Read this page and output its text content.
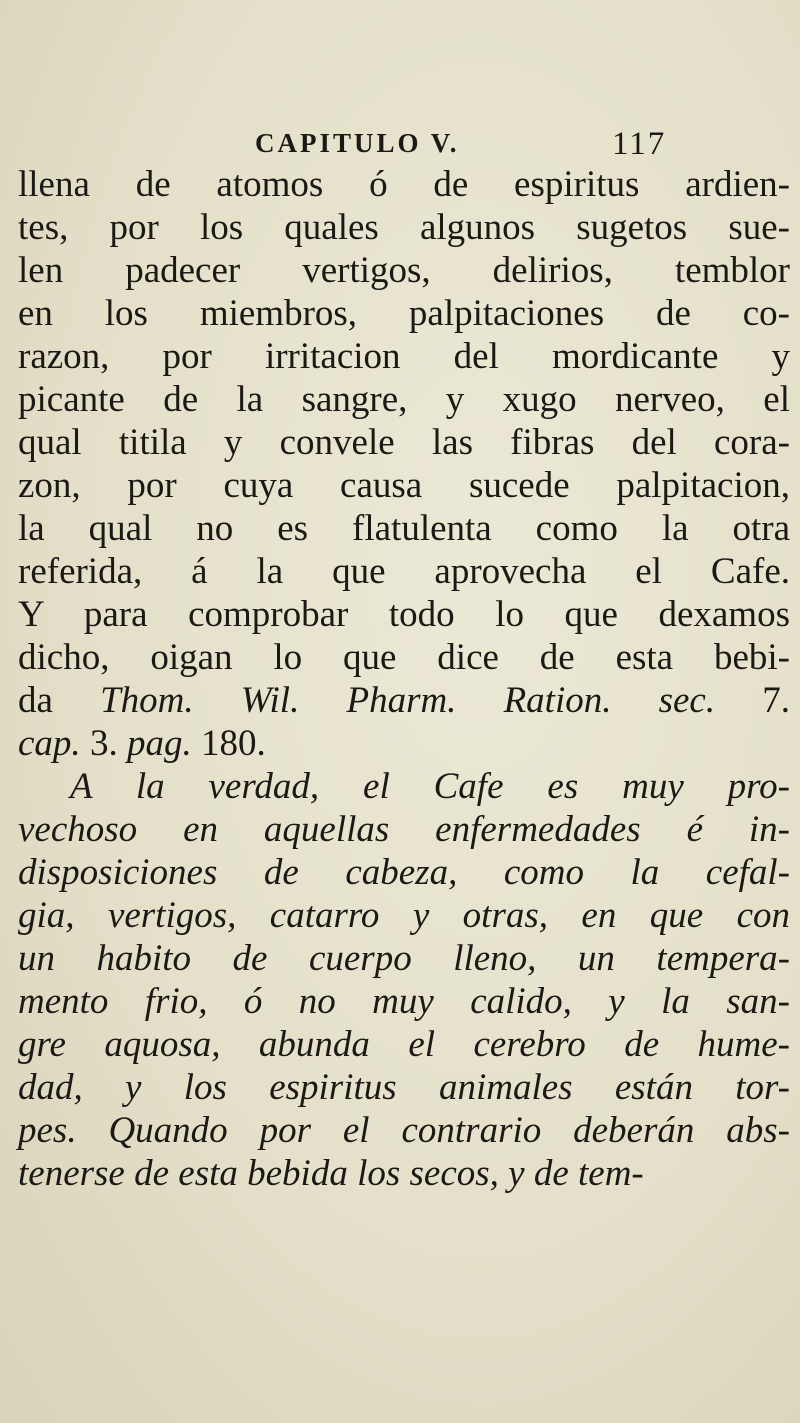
CAPITULO V.	117
llena de atomos ó de espiritus ardien-
tes, por los quales algunos sugetos sue-
len padecer vertigos, delirios, temblor
en los miembros, palpitaciones de co-
razon, por irritacion del mordicante y
picante de la sangre, y xugo nerveo, el
qual titila y convele las fibras del cora-
zon, por cuya causa sucede palpitacion,
la qual no es flatulenta como la otra
referida, á la que aprovecha el Cafe.
Y para comprobar todo lo que dexamos
dicho, oigan lo que dice de esta bebi-
da Thom. Wil. Pharm. Ration. sec. 7.
cap. 3. pag. 180.
A la verdad, el Cafe es muy pro-
vechoso en aquellas enfermedades é in-
disposiciones de cabeza, como la cefal-
gia, vertigos, catarro y otras, en que con
un habito de cuerpo lleno, un tempera-
mento frio, ó no muy calido, y la san-
gre aquosa, abunda el cerebro de hume-
dad, y los espiritus animales están tor-
pes. Quando por el contrario deberán abs-
tenerse de esta bebida los secos, y de tem-
